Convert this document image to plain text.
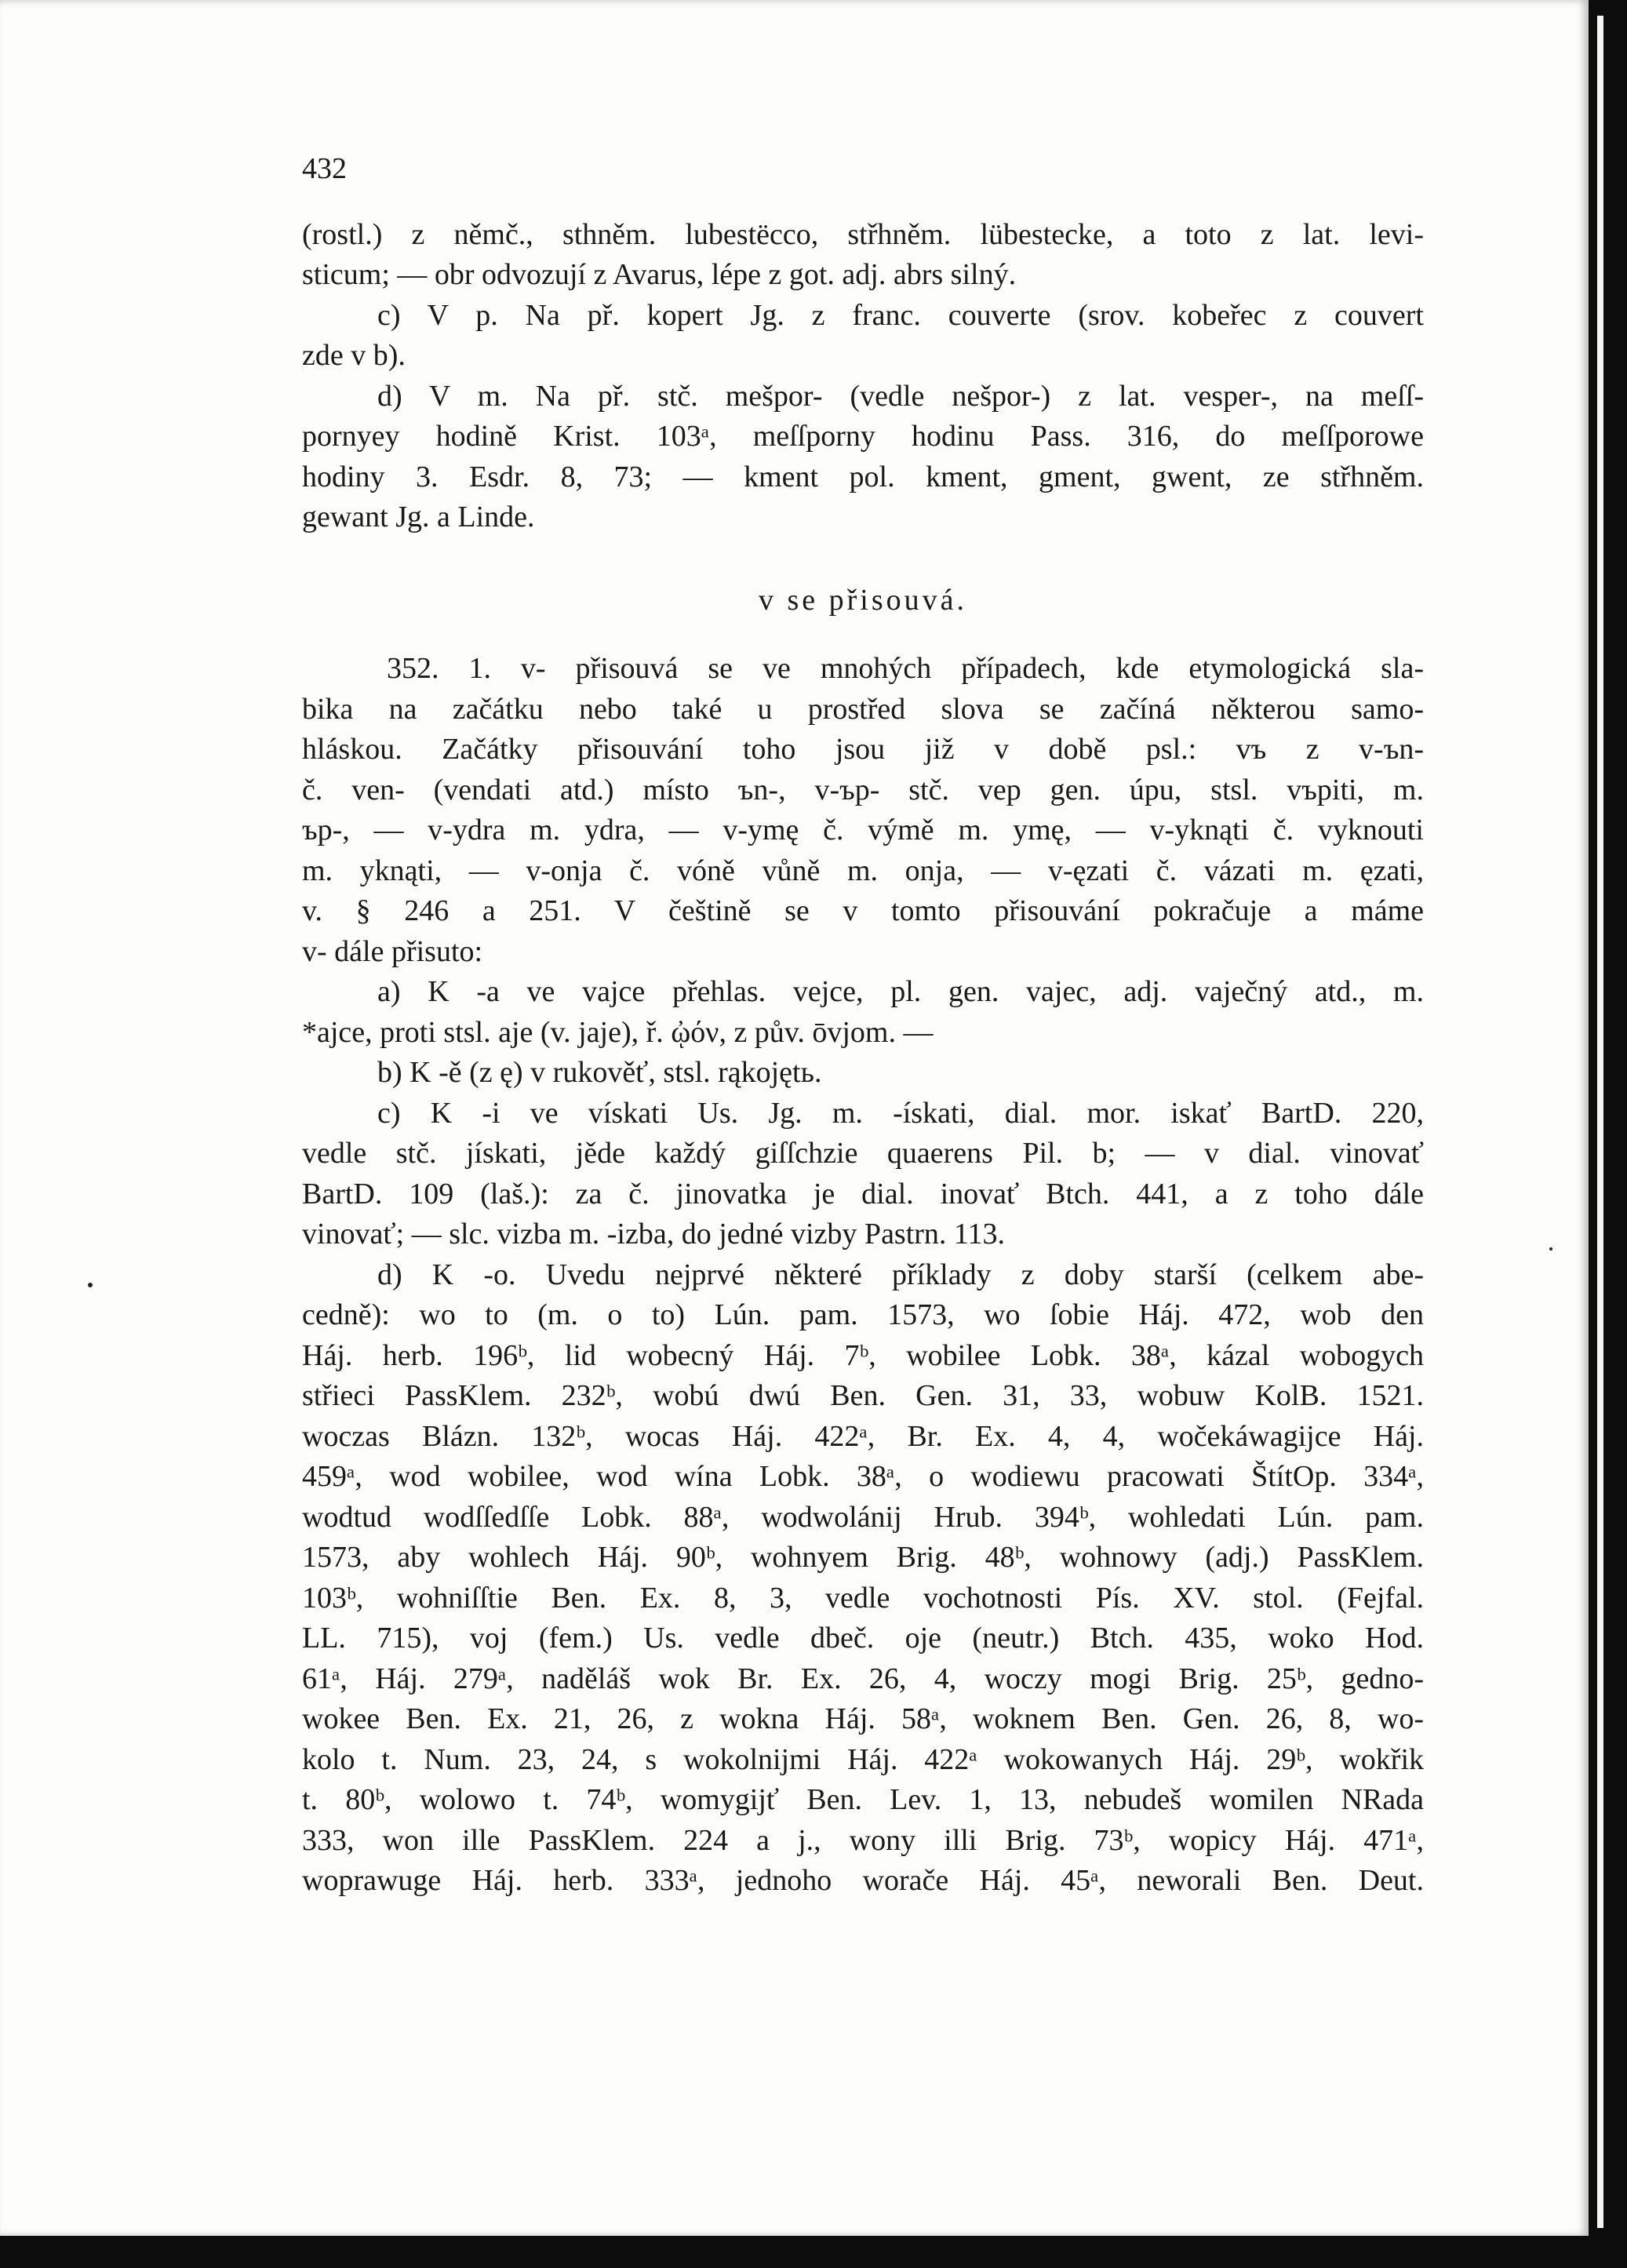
432
(rostl.) z němč., sthněm. lubestëcco, střhněm. lübestecke, a toto z lat. levi-
sticum; — obr odvozují z Avarus, lépe z got. adj. abrs silný.
c) V p. Na př. kopert Jg. z franc. couverte (srov. kobeřec z couvert
zde v b).
d) V m. Na př. stč. mešpor- (vedle nešpor-) z lat. vesper-, na meſſ-
pornyey hodině Krist. 103ᵃ, meſſporny hodinu Pass. 316, do meſſporowe
hodiny 3. Esdr. 8, 73; — kment pol. kment, gment, gwent, ze střhněm.
gewant Jg. a Linde.
v se přisouvá.
352. 1. v- přisouvá se ve mnohých případech, kde etymologická sla-
bika na začátku nebo také u prostřed slova se začíná některou samo-
hláskou. Začátky přisouvání toho jsou již v době psl.: vъ z v-ъn-
č. ven- (vendati atd.) místo ъn-, v-ър- stč. vep gen. úpu, stsl. vъpiti, m.
ър-, — v-ydra m. ydra, — v-ymę č. výmě m. ymę, — v-yknąti č. vyknouti
m. yknąti, — v-onja č. vóně vůně m. onja, — v-ęzati č. vázati m. ęzati,
v. § 246 a 251. V češtině se v tomto přisouvání pokračuje a máme
v- dále přisuto:
a) K -a ve vajce přehlas. vejce, pl. gen. vajec, adj. vaječný atd., m.
*ajce, proti stsl. aje (v. jaje), ř. ᾠόν, z pův. ōvjom. —
b) K -ě (z ę) v rukověť, stsl. rąkojętь.
c) K -i ve vískati Us. Jg. m. -ískati, dial. mor. iskať BartD. 220,
vedle stč. jískati, jěde každý giſſchzie quaerens Pil. b; — v dial. vinovať
BartD. 109 (laš.): za č. jinovatka je dial. inovať Btch. 441, a z toho dále
vinovať; — slc. vizba m. -izba, do jedné vizby Pastrn. 113.
d) K -o. Uvedu nejprvé některé příklady z doby starší (celkem abe-
cedně): wo to (m. o to) Lún. pam. 1573, wo ſobie Háj. 472, wob den
Háj. herb. 196ᵇ, lid wobecný Háj. 7ᵇ, wobilee Lobk. 38ᵃ, kázal wobogych
střieci PassKlem. 232ᵇ, wobú dwú Ben. Gen. 31, 33, wobuw KolB. 1521.
woczas Blázn. 132ᵇ, wocas Háj. 422ᵃ, Br. Ex. 4, 4, wočekáwagijce Háj.
459ᵃ, wod wobilee, wod wína Lobk. 38ᵃ, o wodiewu pracowati ŠtítOp. 334ᵃ,
wodtud wodſſedſſe Lobk. 88ᵃ, wodwolánij Hrub. 394ᵇ, wohledati Lún. pam.
1573, aby wohlech Háj. 90ᵇ, wohnyem Brig. 48ᵇ, wohnowy (adj.) PassKlem.
103ᵇ, wohniſſtie Ben. Ex. 8, 3, vedle vochotnosti Pís. XV. stol. (Fejfal.
LL. 715), voj (fem.) Us. vedle dbeč. oje (neutr.) Btch. 435, woko Hod.
61ᵃ, Háj. 279ᵃ, naděláš wok Br. Ex. 26, 4, woczy mogi Brig. 25ᵇ, gedno-
wokee Ben. Ex. 21, 26, z wokna Háj. 58ᵃ, woknem Ben. Gen. 26, 8, wo-
kolo t. Num. 23, 24, s wokolnijmi Háj. 422ᵃ wokowanych Háj. 29ᵇ, wokřik
t. 80ᵇ, wolowo t. 74ᵇ, womygijť Ben. Lev. 1, 13, nebudeš womilen NRada
333, won ille PassKlem. 224 a j., wony illi Brig. 73ᵇ, wopicy Háj. 471ᵃ,
woprawuge Háj. herb. 333ᵃ, jednoho worače Háj. 45ᵃ, neworali Ben. Deut.
